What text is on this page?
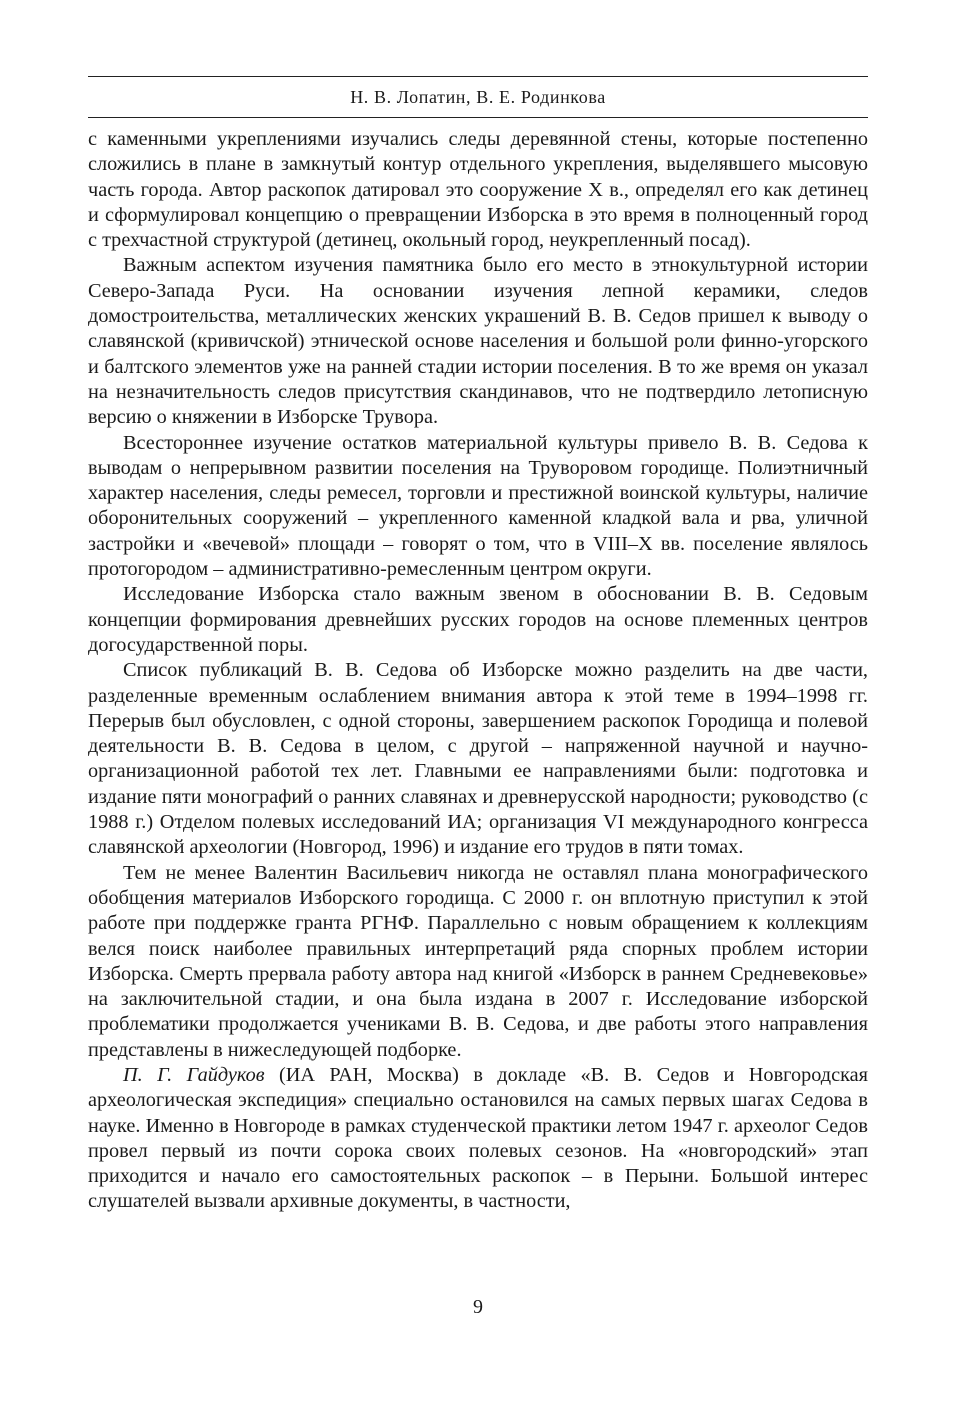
Н. В. Лопатин, В. Е. Родинкова

с каменными укреплениями изучались следы деревянной стены, которые постепенно сложились в плане в замкнутый контур отдельного укрепления, выделявшего мысовую часть города. Автор раскопок датировал это сооружение X в., определял его как детинец и сформулировал концепцию о превращении Изборска в это время в полноценный город с трехчастной структурой (детинец, окольный город, неукрепленный посад).

Важным аспектом изучения памятника было его место в этнокультурной истории Северо-Запада Руси. На основании изучения лепной керамики, следов домостроительства, металлических женских украшений В. В. Седов пришел к выводу о славянской (кривичской) этнической основе населения и большой роли финно-угорского и балтского элементов уже на ранней стадии истории поселения. В то же время он указал на незначительность следов присутствия скандинавов, что не подтвердило летописную версию о княжении в Изборске Трувора.

Всестороннее изучение остатков материальной культуры привело В. В. Седова к выводам о непрерывном развитии поселения на Труворовом городище. Полиэтничный характер населения, следы ремесел, торговли и престижной воинской культуры, наличие оборонительных сооружений – укрепленного каменной кладкой вала и рва, уличной застройки и «вечевой» площади – говорят о том, что в VIII–X вв. поселение являлось протогородом – административно-ремесленным центром округи.

Исследование Изборска стало важным звеном в обосновании В. В. Седовым концепции формирования древнейших русских городов на основе племенных центров догосударственной поры.

Список публикаций В. В. Седова об Изборске можно разделить на две части, разделенные временным ослаблением внимания автора к этой теме в 1994–1998 гг. Перерыв был обусловлен, с одной стороны, завершением раскопок Городища и полевой деятельности В. В. Седова в целом, с другой – напряженной научной и научно-организационной работой тех лет. Главными ее направлениями были: подготовка и издание пяти монографий о ранних славянах и древнерусской народности; руководство (с 1988 г.) Отделом полевых исследований ИА; организация VI международного конгресса славянской археологии (Новгород, 1996) и издание его трудов в пяти томах.

Тем не менее Валентин Васильевич никогда не оставлял плана монографического обобщения материалов Изборского городища. С 2000 г. он вплотную приступил к этой работе при поддержке гранта РГНФ. Параллельно с новым обращением к коллекциям велся поиск наиболее правильных интерпретаций ряда спорных проблем истории Изборска. Смерть прервала работу автора над книгой «Изборск в раннем Средневековье» на заключительной стадии, и она была издана в 2007 г. Исследование изборской проблематики продолжается учениками В. В. Седова, и две работы этого направления представлены в нижеследующей подборке.

П. Г. Гайдуков (ИА РАН, Москва) в докладе «В. В. Седов и Новгородская археологическая экспедиция» специально остановился на самых первых шагах Седова в науке. Именно в Новгороде в рамках студенческой практики летом 1947 г. археолог Седов провел первый из почти сорока своих полевых сезонов. На «новгородский» этап приходится и начало его самостоятельных раскопок – в Перыни. Большой интерес слушателей вызвали архивные документы, в частности,

9
